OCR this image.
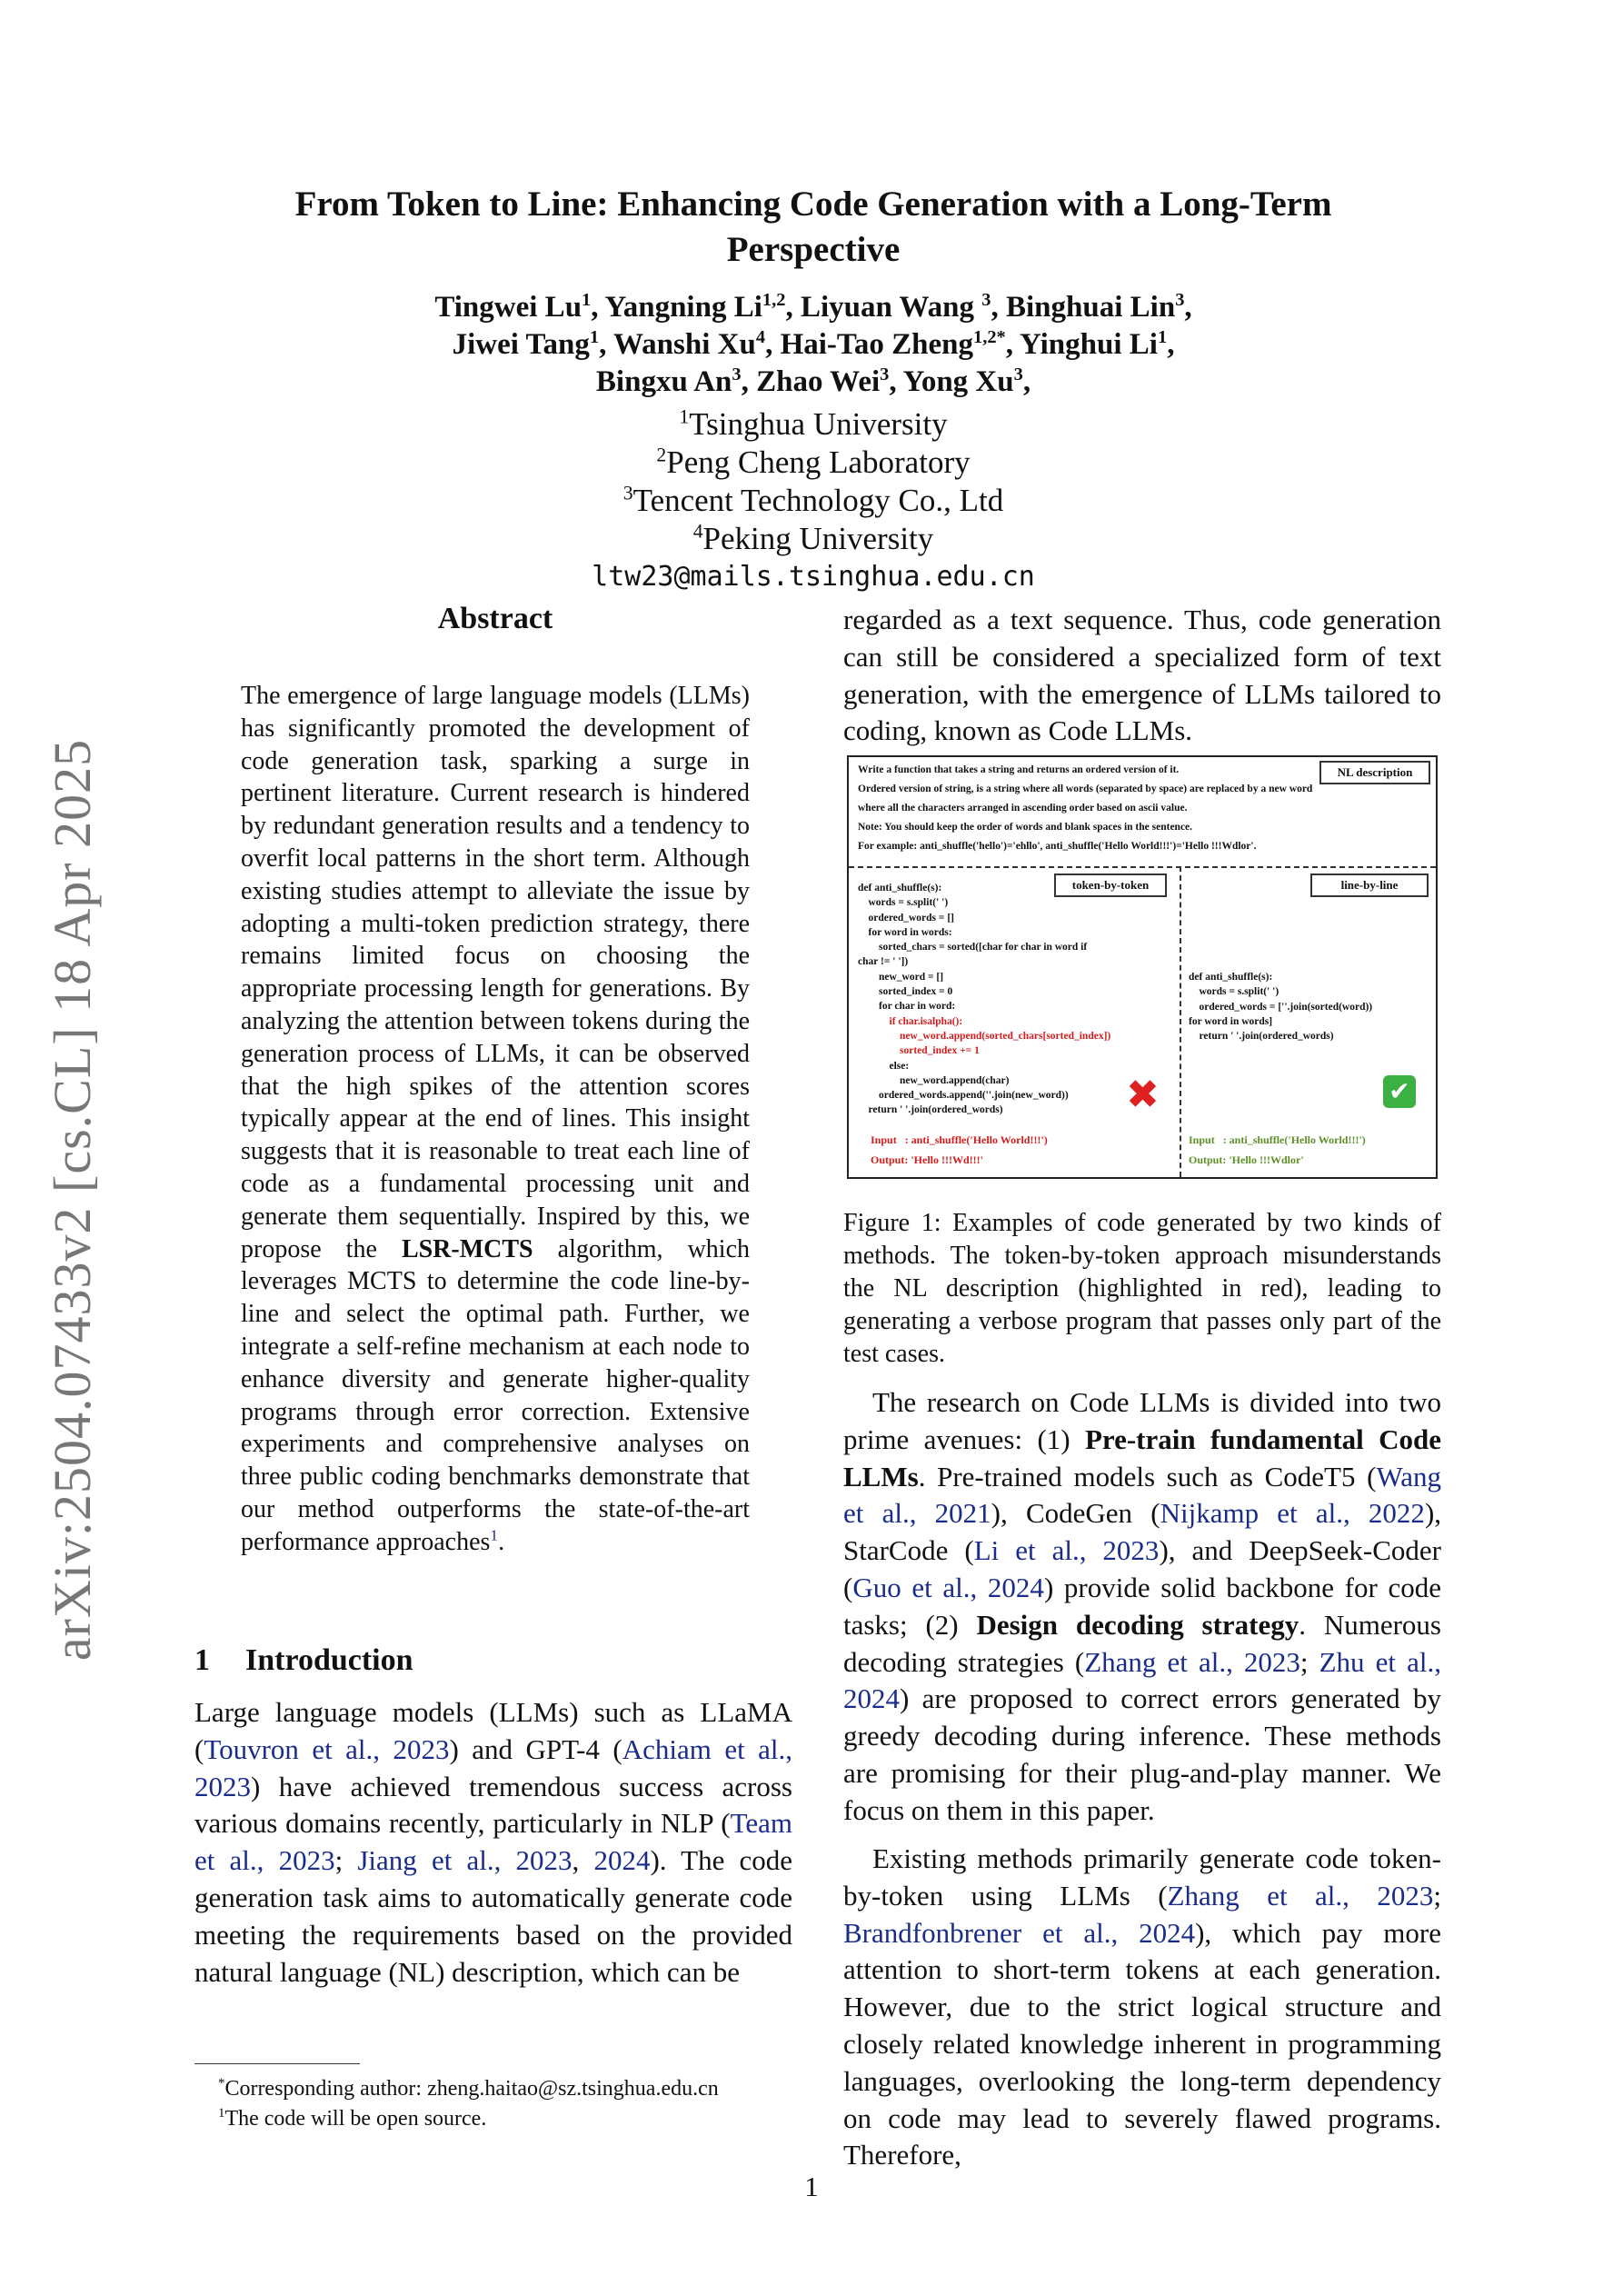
arXiv:2504.07433v2 [cs.CL] 18 Apr 2025
From Token to Line: Enhancing Code Generation with a Long-Term Perspective
Tingwei Lu$^1$, Yangning Li$^{1,2}$, Liyuan Wang $^3$, Binghuai Lin$^3$,
Jiwei Tang$^1$, Wanshi Xu$^4$, Hai-Tao Zheng$^{1,2*}$, Yinghui Li$^1$,
Bingxu An$^3$, Zhao Wei$^3$, Yong Xu$^3$,
$^1$Tsinghua University
$^2$Peng Cheng Laboratory
$^3$Tencent Technology Co., Ltd
$^4$Peking University
ltw23@mails.tsinghua.edu.cn
Abstract
The emergence of large language models (LLMs) has significantly promoted the development of code generation task, sparking a surge in pertinent literature. Current research is hindered by redundant generation results and a tendency to overfit local patterns in the short term. Although existing studies attempt to alleviate the issue by adopting a multi-token prediction strategy, there remains limited focus on choosing the appropriate processing length for generations. By analyzing the attention between tokens during the generation process of LLMs, it can be observed that the high spikes of the attention scores typically appear at the end of lines. This insight suggests that it is reasonable to treat each line of code as a fundamental processing unit and generate them sequentially. Inspired by this, we propose the LSR-MCTS algorithm, which leverages MCTS to determine the code line-by-line and select the optimal path. Further, we integrate a self-refine mechanism at each node to enhance diversity and generate higher-quality programs through error correction. Extensive experiments and comprehensive analyses on three public coding benchmarks demonstrate that our method outperforms the state-of-the-art performance approaches$^1$.
1 Introduction
Large language models (LLMs) such as LLaMA (Touvron et al., 2023) and GPT-4 (Achiam et al., 2023) have achieved tremendous success across various domains recently, particularly in NLP (Team et al., 2023; Jiang et al., 2023, 2024). The code generation task aims to automatically generate code meeting the requirements based on the provided natural language (NL) description, which can be
Write a function that takes a string and returns an ordered version of it.
Ordered version of string, is a string where all words (separated by space) are replaced by a new word
where all the characters arranged in ascending order based on ascii value.
Note: You should keep the order of words and blank spaces in the sentence.
For example: anti_shuffle('hello')='ehllo', anti_shuffle('Hello World!!!')='Hello !!!Wdlor'.
NL description
token-by-token	line-by-line
def anti_shuffle(s):
words = s.split(' ')
ordered_words = []
for word in words:
sorted_chars = sorted([char for char in word if
char != ' '])
new_word = []
sorted_index = 0
for char in word:
if char.isalpha():
new_word.append(sorted_chars[sorted_index])
sorted_index += 1
else:
new_word.append(char)
ordered_words.append(''.join(new_word))
return ' '.join(ordered_words)	✖
Input   : anti_shuffle('Hello World!!!')
Output: 'Hello !!!Wd!!!'
def anti_shuffle(s):
words = s.split(' ')
ordered_words = [''.join(sorted(word))
for word in words]
return ' '.join(ordered_words)
✔
Input   : anti_shuffle('Hello World!!!')
Output: 'Hello !!!Wdlor'
Figure 1: Examples of code generated by two kinds of methods. The token-by-token approach misunderstands the NL description (highlighted in red), leading to generating a verbose program that passes only part of the test cases.
The research on Code LLMs is divided into two prime avenues: (1) Pre-train fundamental Code LLMs. Pre-trained models such as CodeT5 (Wang et al., 2021), CodeGen (Nijkamp et al., 2022), StarCode (Li et al., 2023), and DeepSeek-Coder (Guo et al., 2024) provide solid backbone for code tasks; (2) Design decoding strategy. Numerous decoding strategies (Zhang et al., 2023; Zhu et al., 2024) are proposed to correct errors generated by greedy decoding during inference. These methods are promising for their plug-and-play manner. We focus on them in this paper.
Existing methods primarily generate code token-by-token using LLMs (Zhang et al., 2023; Brandfonbrener et al., 2024), which pay more attention to short-term tokens at each generation. However, due to the strict logical structure and closely related knowledge inherent in programming languages, overlooking the long-term dependency on code may lead to severely flawed programs. Therefore,
*Corresponding author: zheng.haitao@sz.tsinghua.edu.cn
$^1$The code will be open source.
1
regarded as a text sequence. Thus, code generation can still be considered a specialized form of text generation, with the emergence of LLMs tailored to coding, known as Code LLMs.
